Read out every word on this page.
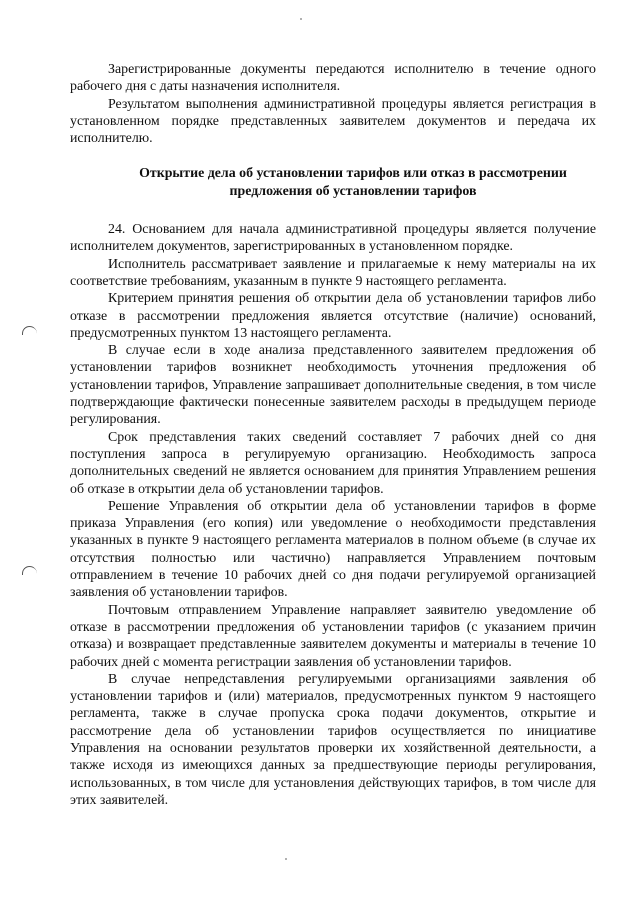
Зарегистрированные документы передаются исполнителю в течение одного рабочего дня с даты назначения исполнителя.

Результатом выполнения административной процедуры является регистрация в установленном порядке представленных заявителем документов и передача их исполнителю.

Открытие дела об установлении тарифов или отказ в рассмотрении предложения об установлении тарифов

24. Основанием для начала административной процедуры является получение исполнителем документов, зарегистрированных в установленном порядке.

Исполнитель рассматривает заявление и прилагаемые к нему материалы на их соответствие требованиям, указанным в пункте 9 настоящего регламента.

Критерием принятия решения об открытии дела об установлении тарифов либо отказе в рассмотрении предложения является отсутствие (наличие) оснований, предусмотренных пунктом 13 настоящего регламента.

В случае если в ходе анализа представленного заявителем предложения об установлении тарифов возникнет необходимость уточнения предложения об установлении тарифов, Управление запрашивает дополнительные сведения, в том числе подтверждающие фактически понесенные заявителем расходы в предыдущем периоде регулирования.

Срок представления таких сведений составляет 7 рабочих дней со дня поступления запроса в регулируемую организацию. Необходимость запроса дополнительных сведений не является основанием для принятия Управлением решения об отказе в открытии дела об установлении тарифов.

Решение Управления об открытии дела об установлении тарифов в форме приказа Управления (его копия) или уведомление о необходимости представления указанных в пункте 9 настоящего регламента материалов в полном объеме (в случае их отсутствия полностью или частично) направляется Управлением почтовым отправлением в течение 10 рабочих дней со дня подачи регулируемой организацией заявления об установлении тарифов.

Почтовым отправлением Управление направляет заявителю уведомление об отказе в рассмотрении предложения об установлении тарифов (с указанием причин отказа) и возвращает представленные заявителем документы и материалы в течение 10 рабочих дней с момента регистрации заявления об установлении тарифов.

В случае непредставления регулируемыми организациями заявления об установлении тарифов и (или) материалов, предусмотренных пунктом 9 настоящего регламента, также в случае пропуска срока подачи документов, открытие и рассмотрение дела об установлении тарифов осуществляется по инициативе Управления на основании результатов проверки их хозяйственной деятельности, а также исходя из имеющихся данных за предшествующие периоды регулирования, использованных, в том числе для установления действующих тарифов, в том числе для этих заявителей.
